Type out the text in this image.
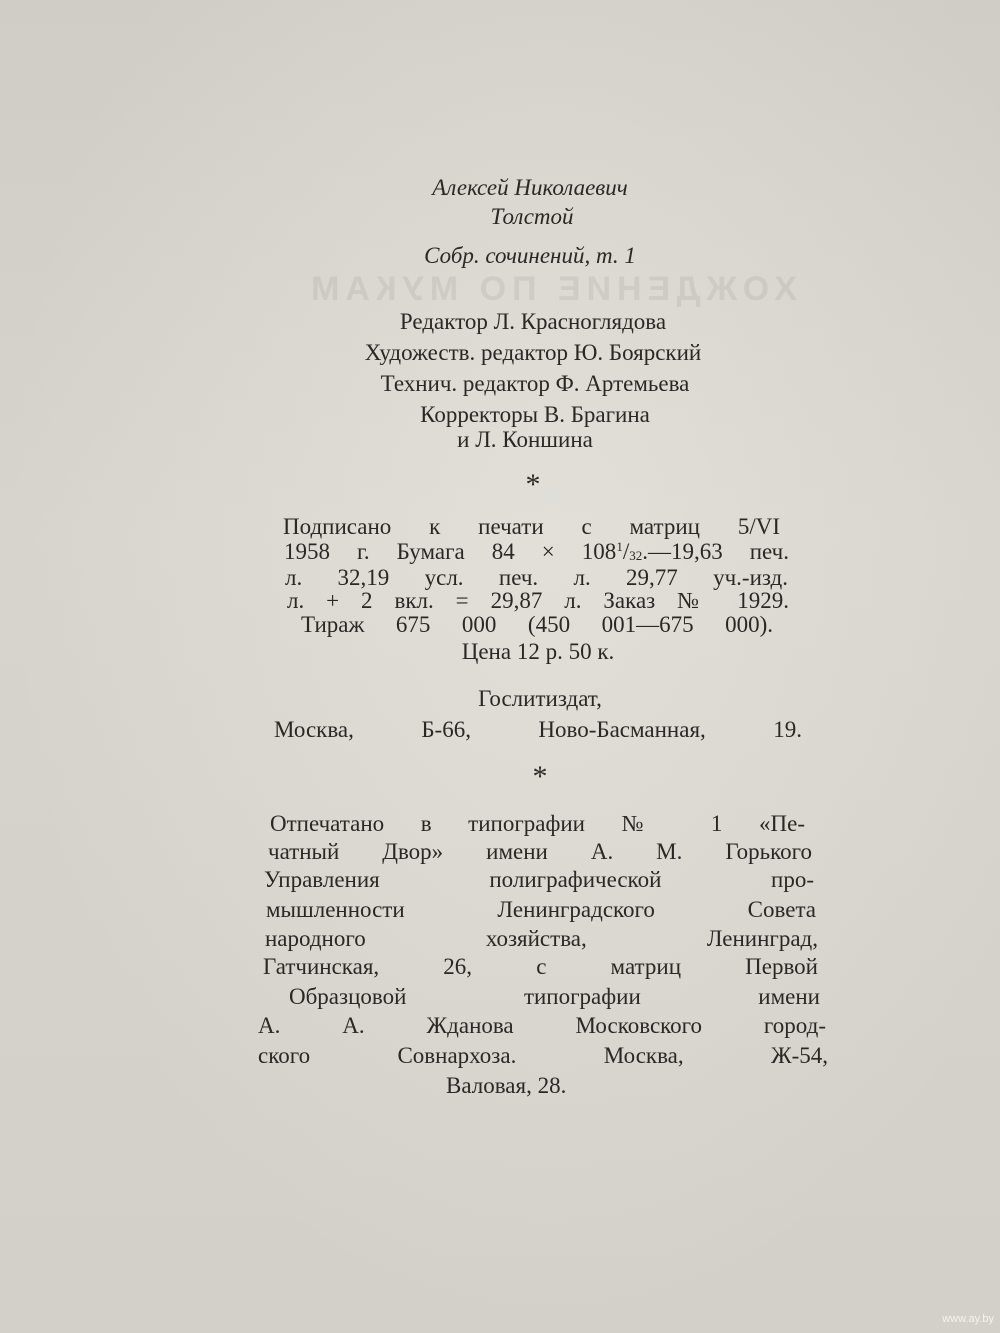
ХОЖДЕНИЕ ПО МУКАМ
Алексей Николаевич
Толстой
Собр. сочинений, т. 1
Редактор Л. Красноглядова
Художеств. редактор Ю. Боярский
Технич. редактор Ф. Артемьева
Корректоры В. Брагина
и Л. Коншина
*
Подписано к печати с матриц 5/VI
1958 г. Бумага $84 \times 108^1/_{32}.—19,63$ печ.
л. 32,19 усл. печ. л. 29,77 уч.-изд.
л. + 2 вкл. = 29,87 л. Заказ № 1929.
Тираж 675 000 (450 001—675 000).
Цена 12 р. 50 к.
Гослитиздат,
Москва, Б-66, Ново-Басманная, 19.
*
Отпечатано в типографии № 1 «Пе-
чатный Двор» имени А. М. Горького
Управления полиграфической про-
мышленности Ленинградского Совета
народного хозяйства, Ленинград,
Гатчинская, 26, с матриц Первой
Образцовой типографии имени
А. А. Жданова Московского город-
ского Совнархоза. Москва, Ж-54,
Валовая, 28.
www.ay.by
